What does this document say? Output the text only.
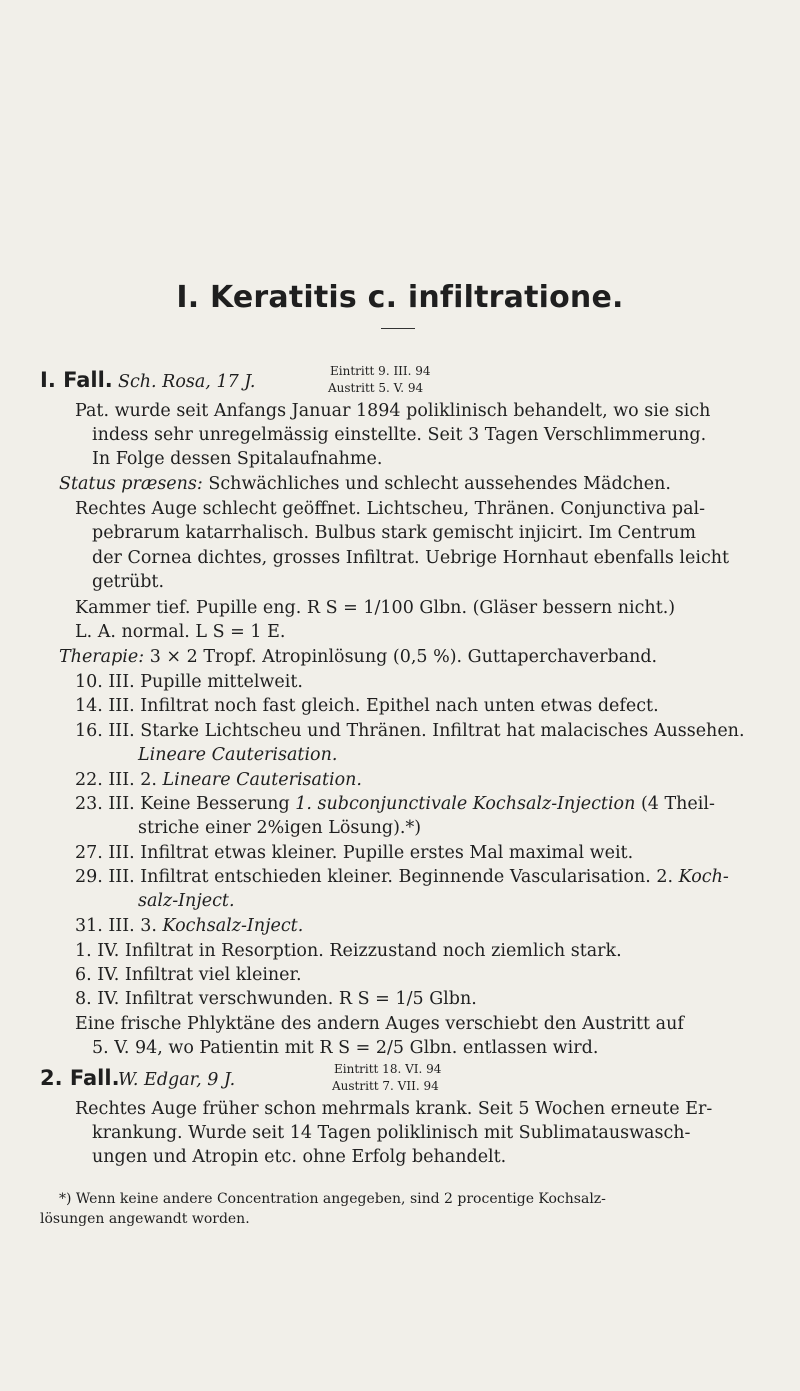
I. Keratitis c. infiltratione.
I. Fall. Sch. Rosa, 17 J.
Eintritt 9. III. 94
Austritt 5. V. 94
Pat. wurde seit Anfangs Januar 1894 poliklinisch behandelt, wo sie sich
indess sehr unregelmässig einstellte. Seit 3 Tagen Verschlimmerung.
In Folge dessen Spitalaufnahme.
Status præsens: Schwächliches und schlecht aussehendes Mädchen.
Rechtes Auge schlecht geöffnet. Lichtscheu, Thränen. Conjunctiva pal-
pebrarum katarrhalisch. Bulbus stark gemischt injicirt. Im Centrum
der Cornea dichtes, grosses Infiltrat. Uebrige Hornhaut ebenfalls leicht
getrübt.
Kammer tief. Pupille eng. R S = 1/100 Glbn. (Gläser bessern nicht.)
L. A. normal. L S = 1 E.
Therapie: 3 × 2 Tropf. Atropinlösung (0,5 %). Guttaperchaverband.
10. III. Pupille mittelweit.
14. III. Infiltrat noch fast gleich. Epithel nach unten etwas defect.
16. III. Starke Lichtscheu und Thränen. Infiltrat hat malacisches Aussehen.
Lineare Cauterisation.
22. III. 2. Lineare Cauterisation.
23. III. Keine Besserung 1. subconjunctivale Kochsalz-Injection (4 Theil-
striche einer 2%igen Lösung).*)
27. III. Infiltrat etwas kleiner. Pupille erstes Mal maximal weit.
29. III. Infiltrat entschieden kleiner. Beginnende Vascularisation. 2. Koch-
salz-Inject.
31. III. 3. Kochsalz-Inject.
1. IV. Infiltrat in Resorption. Reizzustand noch ziemlich stark.
6. IV. Infiltrat viel kleiner.
8. IV. Infiltrat verschwunden. R S = 1/5 Glbn.
Eine frische Phlyktäne des andern Auges verschiebt den Austritt auf
5. V. 94, wo Patientin mit R S = 2/5 Glbn. entlassen wird.
2. Fall.
W. Edgar, 9 J.
Eintritt 18. VI. 94
Austritt 7. VII. 94
Rechtes Auge früher schon mehrmals krank. Seit 5 Wochen erneute Er-
krankung. Wurde seit 14 Tagen poliklinisch mit Sublimatauswasch-
ungen und Atropin etc. ohne Erfolg behandelt.
*) Wenn keine andere Concentration angegeben, sind 2 procentige Kochsalz-
lösungen angewandt worden.
